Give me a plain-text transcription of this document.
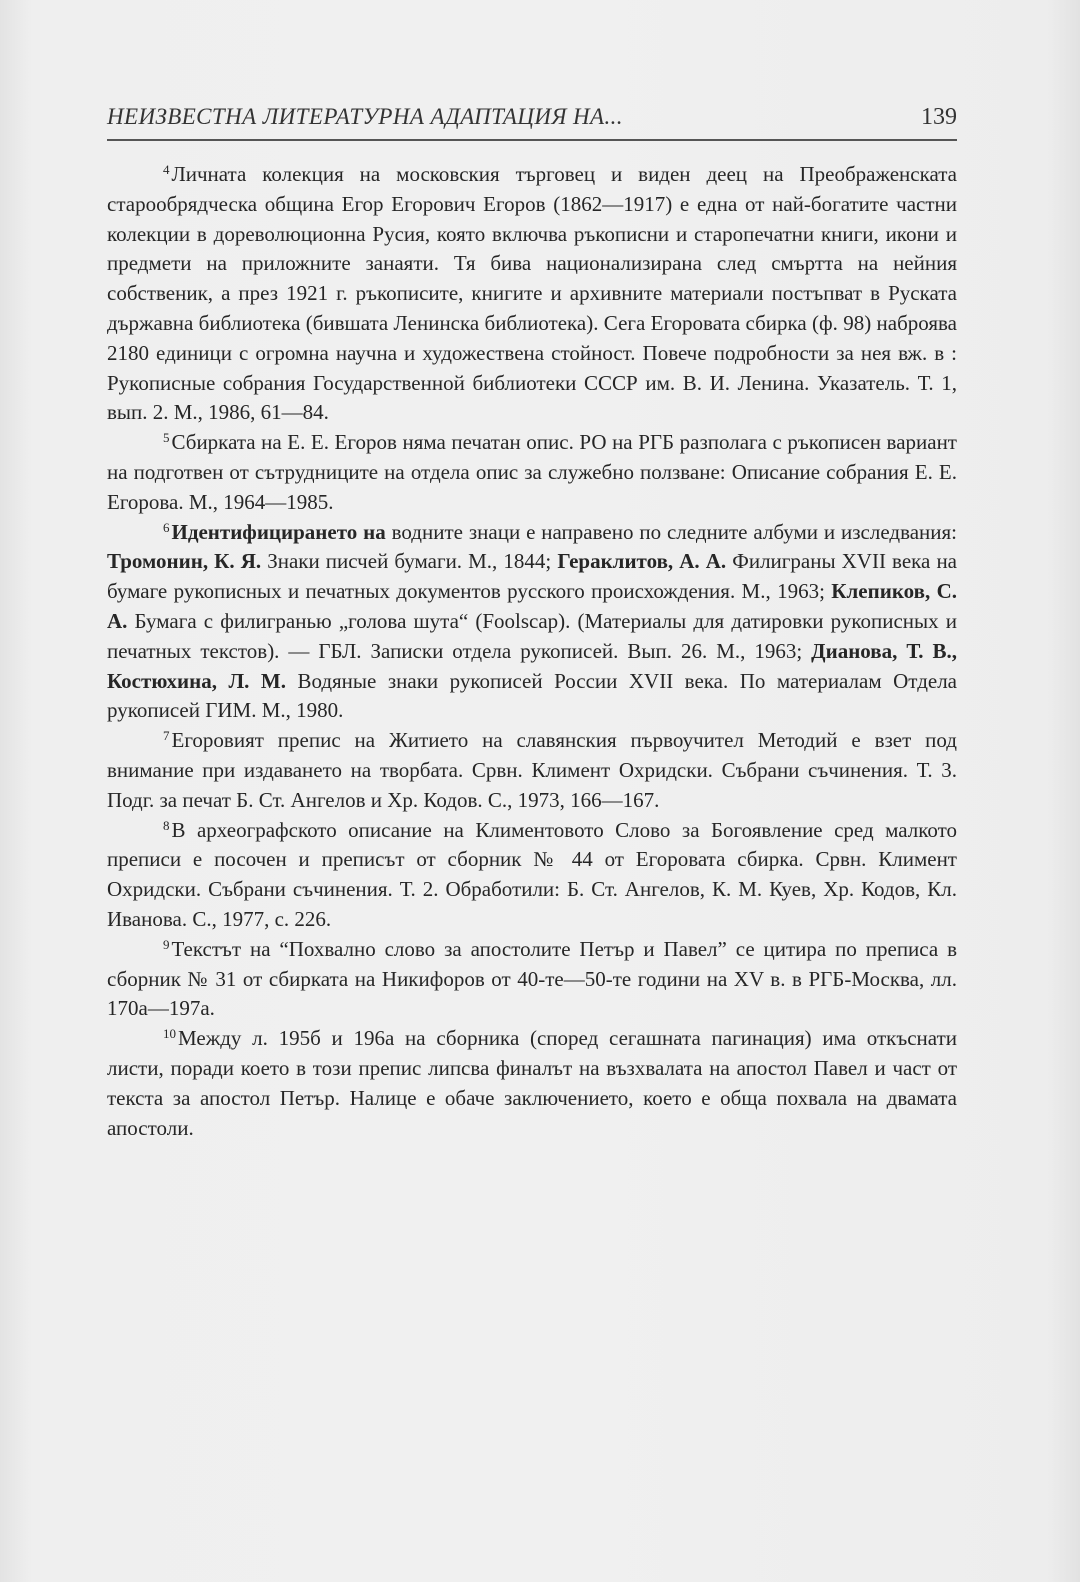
НЕИЗВЕСТНА ЛИТЕРАТУРНА АДАПТАЦИЯ НА...	139

$^4$Личната колекция на московския търговец и виден деец на Преображенската старообрядческа община Егор Егорович Егоров (1862—1917) е една от най-богатите частни колекции в дореволюционна Русия, която включва ръкописни и старопечатни книги, икони и предмети на приложните занаяти. Тя бива национализирана след смъртта на нейния собственик, а през 1921 г. ръкописите, книгите и архивните материали постъпват в Руската държавна библиотека (бившата Ленинска библиотека). Сега Егоровата сбирка (ф. 98) наброява 2180 единици с огромна научна и художествена стойност. Повече подробности за нея вж. в : Рукописные собрания Государственной библиотеки СССР им. В. И. Ленина. Указатель. Т. 1, вып. 2. М., 1986, 61—84.

$^5$Сбирката на Е. Е. Егоров няма печатан опис. РО на РГБ разполага с ръкописен вариант на подготвен от сътрудниците на отдела опис за служебно ползване: Описание собрания Е. Е. Егорова. М., 1964—1985.

$^6$Идентифицирането на водните знаци е направено по следните албуми и изследвания: Тромонин, К. Я. Знаки писчей бумаги. М., 1844; Гераклитов, А. А. Филиграны XVII века на бумаге рукописных и печатных документов русского происхождения. М., 1963; Клепиков, С. А. Бумага с филигранью „голова шута“ (Foolscap). (Материалы для датировки рукописных и печатных текстов). — ГБЛ. Записки отдела рукописей. Вып. 26. М., 1963; Дианова, Т. В., Костюхина, Л. М. Водяные знаки рукописей России XVII века. По материалам Отдела рукописей ГИМ. М., 1980.

$^7$Егоровият препис на Житието на славянския първоучител Методий е взет под внимание при издаването на творбата. Срвн. Климент Охридски. Събрани съчинения. Т. 3. Подг. за печат Б. Ст. Ангелов и Хр. Кодов. С., 1973, 166—167.

$^8$В археографското описание на Климентовото Слово за Богоявление сред малкото преписи е посочен и преписът от сборник № 44 от Егоровата сбирка. Срвн. Климент Охридски. Събрани съчинения. Т. 2. Обработили: Б. Ст. Ангелов, К. М. Куев, Хр. Кодов, Кл. Иванова. С., 1977, с. 226.

$^9$Текстът на “Похвално слово за апостолите Петър и Павел” се цитира по преписа в сборник № 31 от сбирката на Никифоров от 40-те—50-те години на XV в. в РГБ-Москва, лл. 170а—197а.

$^{10}$Между л. 195б и 196а на сборника (според сегашната пагинация) има откъснати листи, поради което в този препис липсва финалът на възхвалата на апостол Павел и част от текста за апостол Петър. Налице е обаче заключението, което е обща похвала на двамата апостоли.
